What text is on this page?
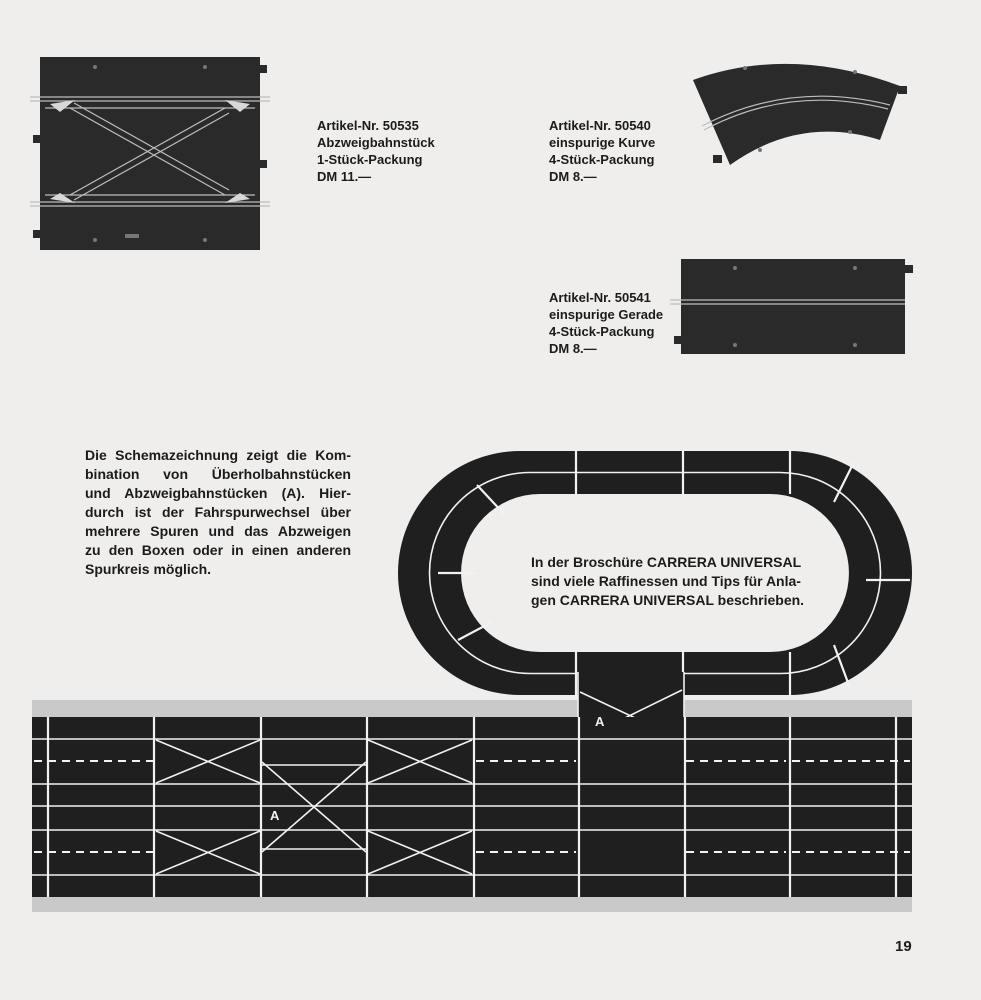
A
A
Artikel-Nr. 50535
Abzweigbahnstück
1-Stück-Packung
DM 11.—
Artikel-Nr. 50540
einspurige Kurve
4-Stück-Packung
DM 8.—
Artikel-Nr. 50541
einspurige Gerade
4-Stück-Packung
DM 8.—
Die Schemazeichnung zeigt die Kom-
bination von Überholbahnstücken
und Abzweigbahnstücken (A). Hier-
durch ist der Fahrspurwechsel über
mehrere Spuren und das Abzweigen
zu den Boxen oder in einen anderen
Spurkreis möglich.	In der Broschüre CARRERA UNIVERSAL
sind viele Raffinessen und Tips für Anla-
gen CARRERA UNIVERSAL beschrieben.
19
